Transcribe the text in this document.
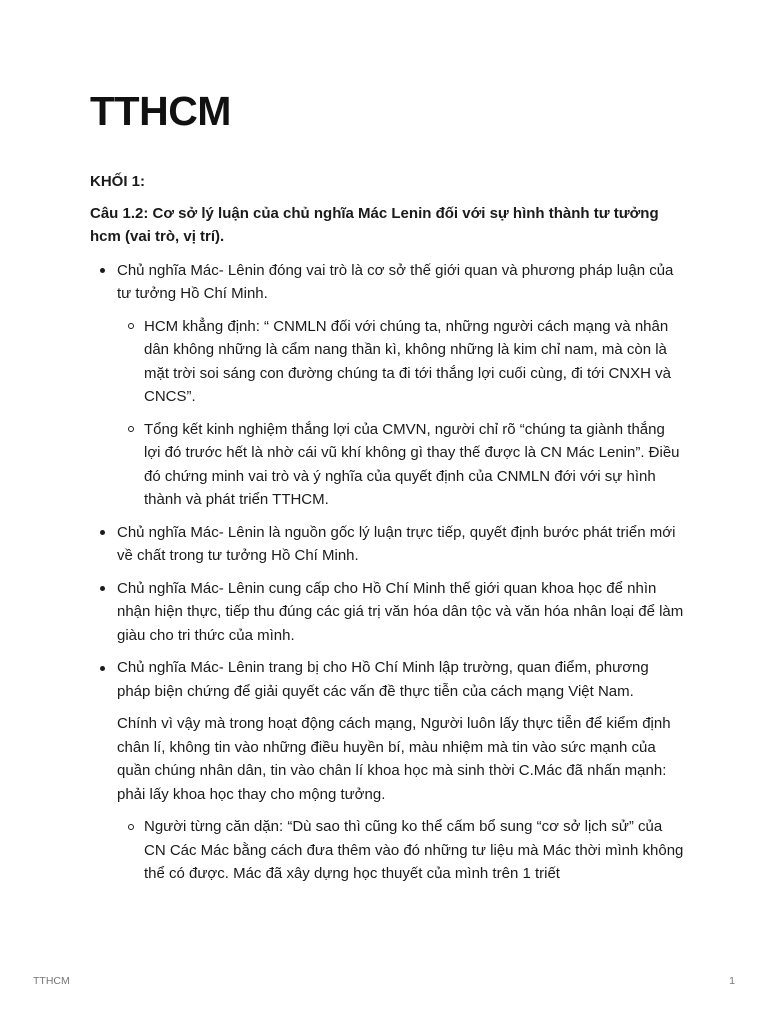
TTHCM

KHỐI 1:

Câu 1.2: Cơ sở lý luận của chủ nghĩa Mác Lenin đối với sự hình thành tư tưởng hcm (vai trò, vị trí).

Chủ nghĩa Mác- Lênin đóng vai trò là cơ sở thế giới quan và phương pháp luận của tư tưởng Hồ Chí Minh.
HCM khẳng định: “ CNMLN đối với chúng ta, những người cách mạng và nhân dân không những là cẩm nang thần kì, không những là kim chỉ nam, mà còn là mặt trời soi sáng con đường chúng ta đi tới thắng lợi cuối cùng, đi tới CNXH và CNCS”.
Tổng kết kinh nghiệm thắng lợi của CMVN, người chỉ rõ “chúng ta giành thắng lợi đó trước hết là nhờ cái vũ khí không gì thay thế được là CN Mác Lenin”. Điều đó chứng minh vai trò và ý nghĩa của quyết định của CNMLN đới với sự hình thành và phát triển TTHCM.
Chủ nghĩa Mác- Lênin là nguồn gốc lý luận trực tiếp, quyết định bước phát triển mới về chất trong tư tưởng Hồ Chí Minh.
Chủ nghĩa Mác- Lênin cung cấp cho Hồ Chí Minh thế giới quan khoa học để nhìn nhận hiện thực, tiếp thu đúng các giá trị văn hóa dân tộc và văn hóa nhân loại để làm giàu cho tri thức của mình.
Chủ nghĩa Mác- Lênin trang bị cho Hồ Chí Minh lập trường, quan điểm, phương pháp biện chứng để giải quyết các vấn đề thực tiễn của cách mạng Việt Nam.

Chính vì vậy mà trong hoạt động cách mạng, Người luôn lấy thực tiễn để kiểm định chân lí, không tin vào những điều huyền bí, màu nhiệm mà tin vào sức mạnh của quần chúng nhân dân, tin vào chân lí khoa học mà sinh thời C.Mác đã nhấn mạnh: phải lấy khoa học thay cho mộng tưởng.

Người từng căn dặn: “Dù sao thì cũng ko thể cấm bổ sung “cơ sở lịch sử” của CN Các Mác bằng cách đưa thêm vào đó những tư liệu mà Mác thời mình không thể có được. Mác đã xây dựng học thuyết của mình trên 1 triết
TTHCM	1
